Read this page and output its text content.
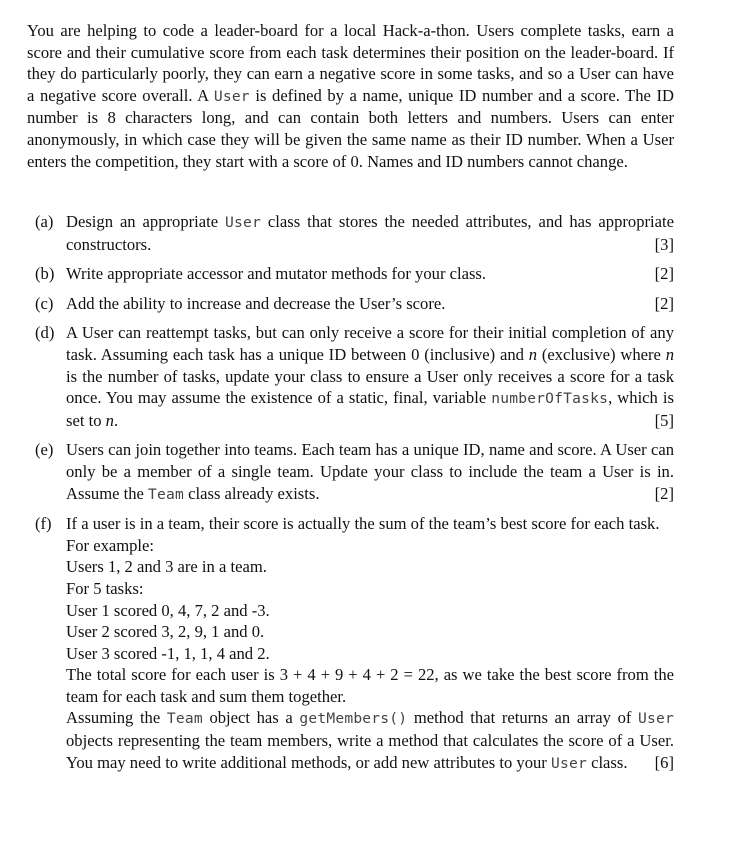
You are helping to code a leader-board for a local Hack-a-thon. Users complete tasks, earn a score and their cumulative score from each task determines their position on the leader-board. If they do particularly poorly, they can earn a negative score in some tasks, and so a User can have a negative score overall. A User is defined by a name, unique ID number and a score. The ID number is 8 characters long, and can contain both letters and numbers. Users can enter anonymously, in which case they will be given the same name as their ID number. When a User enters the competition, they start with a score of 0. Names and ID numbers cannot change.

(a) Design an appropriate User class that stores the needed attributes, and has appropriate constructors.	[3]
(b) Write appropriate accessor and mutator methods for your class.	[2]
(c) Add the ability to increase and decrease the User’s score.	[2]
(d) A User can reattempt tasks, but can only receive a score for their initial completion of any task. Assuming each task has a unique ID between 0 (inclusive) and n (exclusive) where n is the number of tasks, update your class to ensure a User only receives a score for a task once. You may assume the existence of a static, final, variable numberOfTasks, which is set to n.	[5]
(e) Users can join together into teams. Each team has a unique ID, name and score. A User can only be a member of a single team. Update your class to include the team a User is in. Assume the Team class already exists.	[2]
(f) If a user is in a team, their score is actually the sum of the team’s best score for each task. For example:
Users 1, 2 and 3 are in a team.
For 5 tasks:
User 1 scored 0, 4, 7, 2 and -3.
User 2 scored 3, 2, 9, 1 and 0.
User 3 scored -1, 1, 1, 4 and 2.
The total score for each user is 3 + 4 + 9 + 4 + 2 = 22, as we take the best score from the team for each task and sum them together.
Assuming the Team object has a getMembers() method that returns an array of User objects representing the team members, write a method that calculates the score of a User. You may need to write additional methods, or add new attributes to your User class. [6]
